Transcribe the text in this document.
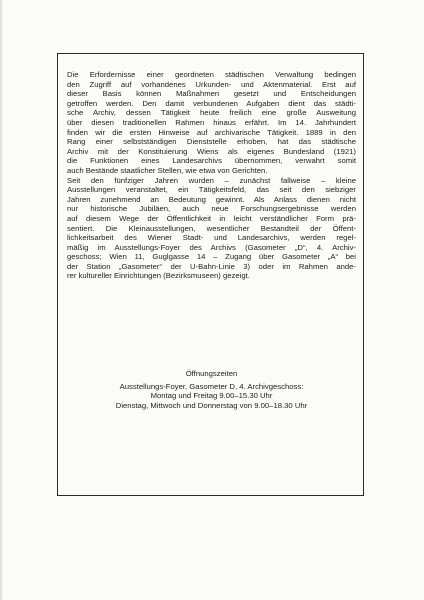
Die Erfordernisse einer geordneten städtischen Verwaltung bedingen
den Zugriff auf vorhandenes Urkunden- und Aktenmaterial. Erst auf
dieser Basis können Maßnahmen gesetzt und Entscheidungen
getroffen werden. Den damit verbundenen Aufgaben dient das städti-
sche Archiv, dessen Tätigkeit heute freilich eine große Ausweitung
über diesen traditionellen Rahmen hinaus erfährt. Im 14. Jahrhundert
finden wir die ersten Hinweise auf archivarische Tätigkeit. 1889 in den
Rang einer selbstständigen Dienststelle erhoben, hat das städtische
Archiv mit der Konstituierung Wiens als eigenes Bundesland (1921)
die Funktionen eines Landesarchivs übernommen, verwahrt somit
auch Bestände staatlicher Stellen, wie etwa von Gerichten.
Seit den fünfziger Jahren wurden – zunächst fallweise – kleine
Ausstellungen veranstaltet, ein Tätigkeitsfeld, das seit den siebziger
Jahren zunehmend an Bedeutung gewinnt. Als Anlass dienen nicht
nur historische Jubiläen, auch neue Forschungsergebnisse werden
auf diesem Wege der Öffentlichkeit in leicht verständlicher Form prä-
sentiert. Die Kleinausstellungen, wesentlicher Bestandteil der Öffent-
lichkeitsarbeit des Wiener Stadt- und Landesarchivs, werden regel-
mäßig im Ausstellungs-Foyer des Archivs (Gasometer „D“, 4. Archiv-
geschoss; Wien 11, Guglgasse 14 – Zugang über Gasometer „A“ bei
der Station „Gasometer“ der U-Bahn-Linie 3) oder im Rahmen ande-
rer kultureller Einrichtungen (Bezirksmuseen) gezeigt.
Öffnungszeiten
Ausstellungs-Foyer, Gasometer D, 4. Archivgeschoss:
Montag und Freitag 9.00–15.30 Uhr
Dienstag, Mittwoch und Donnerstag von 9.00–18.30 Uhr
